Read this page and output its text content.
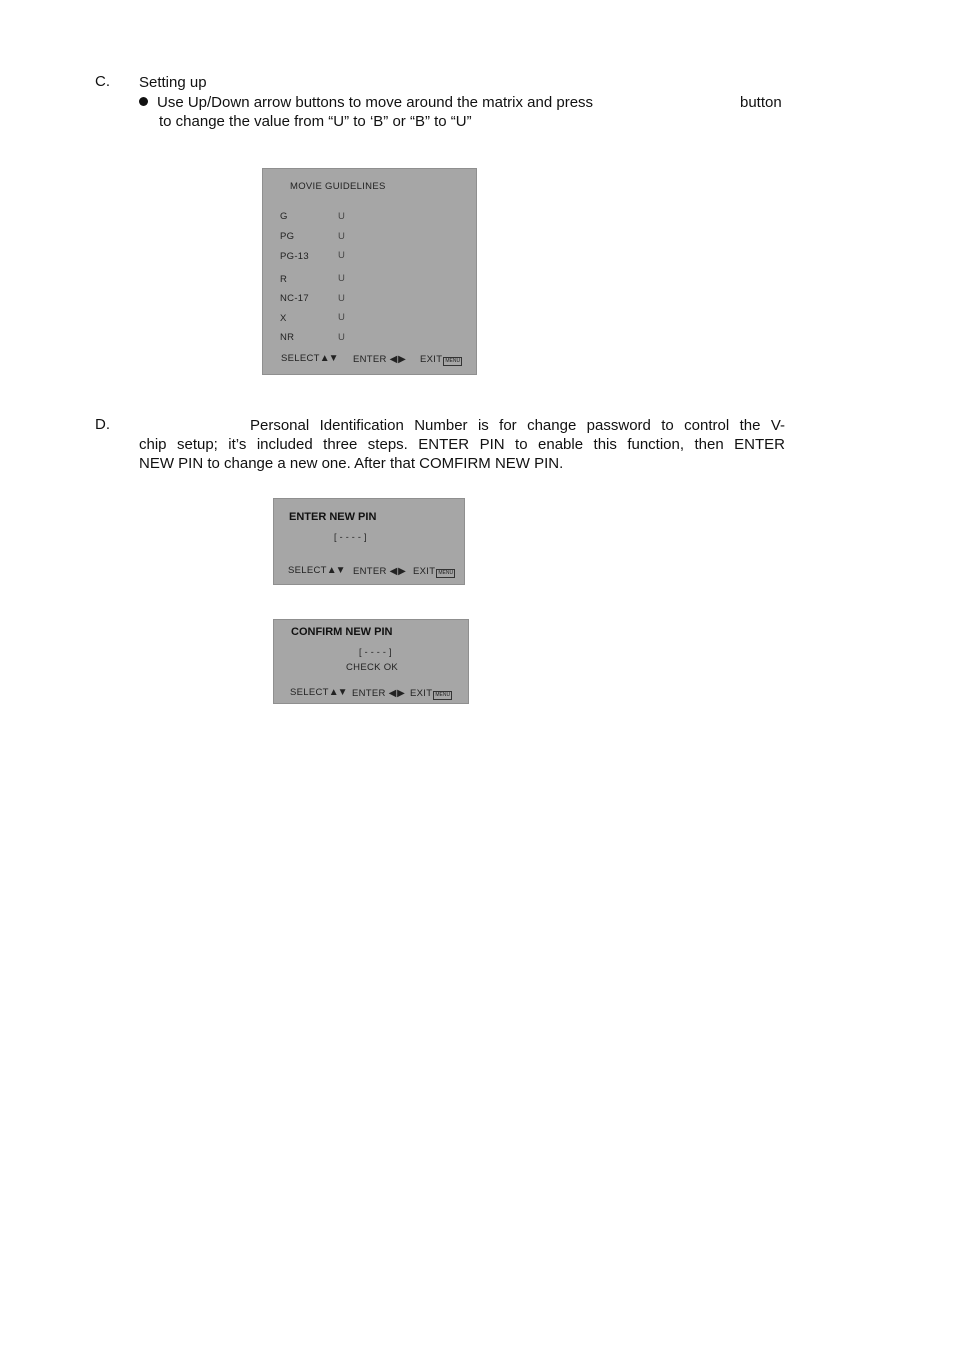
C. Setting up
Use Up/Down arrow buttons to move around the matrix and press	button
to change the value from “U” to ‘B” or “B” to “U”
MOVIE GUIDELINES
G	U
PG	U
PG-13	U
R	U
NC-17	U
X	U
NR	U
SELECT▲▼ ENTER ◀ ▶ EXIT MENU
D.	Personal Identification Number is for change password to control the V-
chip setup; it’s included three steps. ENTER PIN to enable this function, then ENTER
NEW PIN to change a new one. After that COMFIRM NEW PIN.
ENTER NEW PIN
[ - - - - ]
SELECT▲▼ ENTER ◀ ▶ EXIT MENU
CONFIRM NEW PIN
[ - - - - ]
CHECK OK
SELECT▲▼ ENTER ◀ ▶ EXIT MENU
